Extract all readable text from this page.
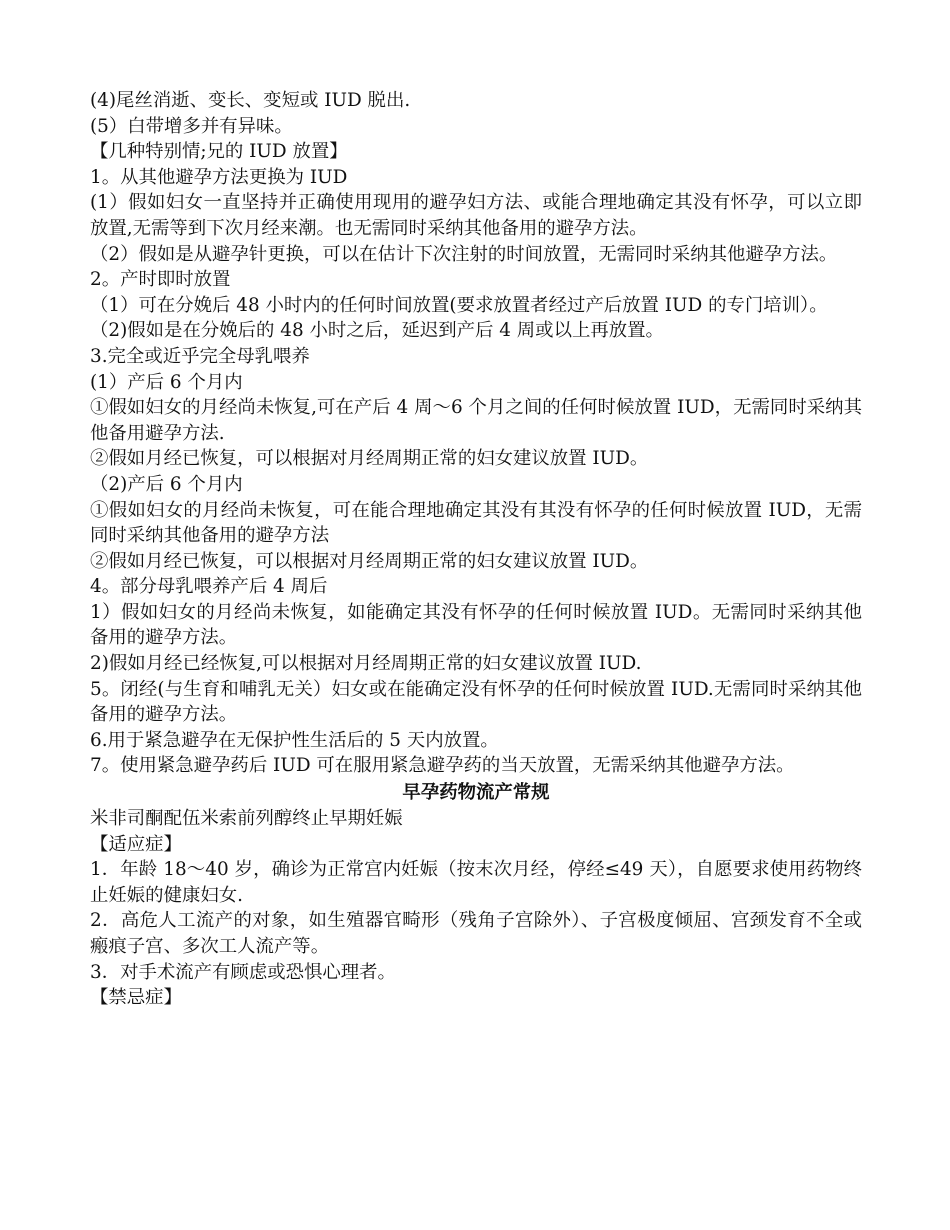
(4)尾丝消逝、变长、变短或 IUD 脱出.

(5）白带增多并有异味。

【几种特别情;兄的 IUD 放置】

1。从其他避孕方法更换为 IUD

(1）假如妇女一直坚持并正确使用现用的避孕妇方法、或能合理地确定其没有怀孕，可以立即放置,无需等到下次月经来潮。也无需同时采纳其他备用的避孕方法。

（2）假如是从避孕针更换，可以在估计下次注射的时间放置，无需同时采纳其他避孕方法。

2。产时即时放置

（1）可在分娩后 48 小时内的任何时间放置(要求放置者经过产后放置 IUD 的专门培训）。

（2)假如是在分娩后的 48 小时之后，延迟到产后 4 周或以上再放置。

3.完全或近乎完全母乳喂养

(1）产后 6 个月内

①假如妇女的月经尚未恢复,可在产后 4 周～6 个月之间的任何时候放置 IUD，无需同时采纳其他备用避孕方法.

②假如月经已恢复，可以根据对月经周期正常的妇女建议放置 IUD。

（2)产后 6 个月内

①假如妇女的月经尚未恢复，可在能合理地确定其没有其没有怀孕的任何时候放置 IUD，无需同时采纳其他备用的避孕方法

②假如月经已恢复，可以根据对月经周期正常的妇女建议放置 IUD。

4。部分母乳喂养产后 4 周后

1）假如妇女的月经尚未恢复，如能确定其没有怀孕的任何时候放置 IUD。无需同时采纳其他备用的避孕方法。

2)假如月经已经恢复,可以根据对月经周期正常的妇女建议放置 IUD.

5。闭经(与生育和哺乳无关）妇女或在能确定没有怀孕的任何时候放置 IUD.无需同时采纳其他备用的避孕方法。

6.用于紧急避孕在无保护性生活后的 5 天内放置。

7。使用紧急避孕药后 IUD 可在服用紧急避孕药的当天放置，无需采纳其他避孕方法。

早孕药物流产常规

米非司酮配伍米索前列醇终止早期妊娠

【适应症】

1．年龄 18～40 岁，确诊为正常宫内妊娠（按末次月经，停经≤49 天），自愿要求使用药物终止妊娠的健康妇女.

2．高危人工流产的对象，如生殖器官畸形（残角子宫除外）、子宫极度倾屈、宫颈发育不全或瘢痕子宫、多次工人流产等。

3．对手术流产有顾虑或恐惧心理者。

【禁忌症】
